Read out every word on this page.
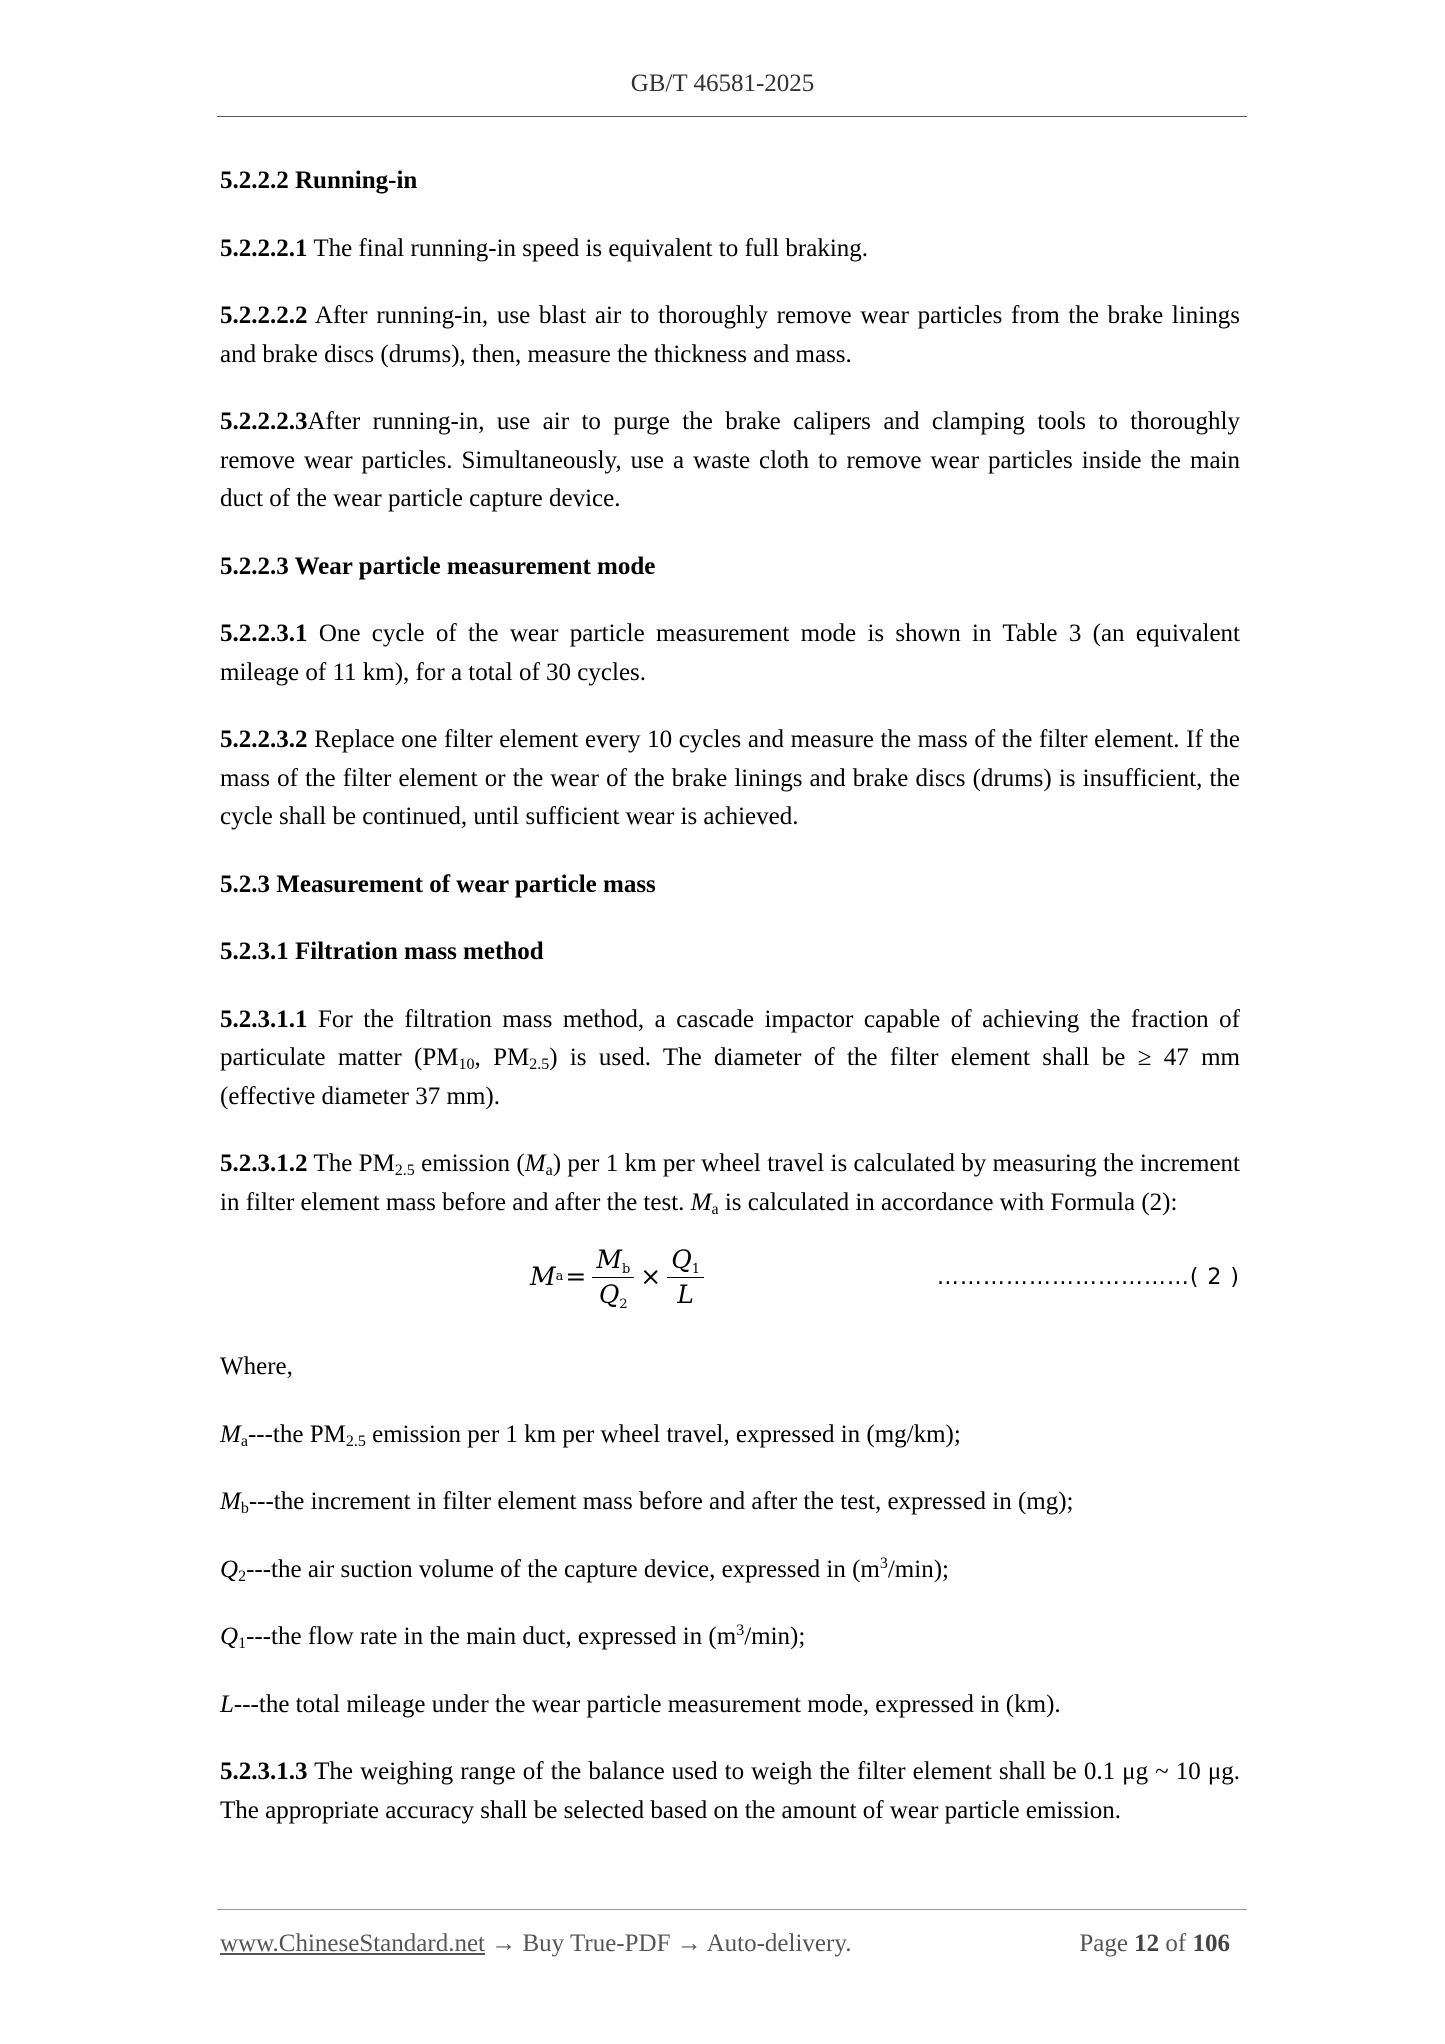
GB/T 46581-2025

5.2.2.2 Running-in

5.2.2.2.1 The final running-in speed is equivalent to full braking.

5.2.2.2.2 After running-in, use blast air to thoroughly remove wear particles from the brake linings and brake discs (drums), then, measure the thickness and mass.

5.2.2.2.3After running-in, use air to purge the brake calipers and clamping tools to thoroughly remove wear particles. Simultaneously, use a waste cloth to remove wear particles inside the main duct of the wear particle capture device.

5.2.2.3 Wear particle measurement mode

5.2.2.3.1 One cycle of the wear particle measurement mode is shown in Table 3 (an equivalent mileage of 11 km), for a total of 30 cycles.

5.2.2.3.2 Replace one filter element every 10 cycles and measure the mass of the filter element. If the mass of the filter element or the wear of the brake linings and brake discs (drums) is insufficient, the cycle shall be continued, until sufficient wear is achieved.

5.2.3 Measurement of wear particle mass

5.2.3.1 Filtration mass method

5.2.3.1.1 For the filtration mass method, a cascade impactor capable of achieving the fraction of particulate matter ($PM_{10}$, $PM_{2.5}$) is used. The diameter of the filter element shall be ≥ 47 mm (effective diameter 37 mm).

5.2.3.1.2 The $PM_{2.5}$ emission $(M_a)$ per 1 km per wheel travel is calculated by measuring the increment in filter element mass before and after the test. $M_a$ is calculated in accordance with Formula (2):

M $a = \frac{M_b}{Q_2} \times \frac{Q_1}{L}$	……………………………( 2 )

Where,

$M_a--$-the $PM_{2.5}$ emission per 1 km per wheel travel, expressed in (mg/km);

$M_b--$-the increment in filter element mass before and after the test, expressed in (mg);

$Q_2--$-the air suction volume of the capture device, expressed in $(m^3/\min)$;

$Q_1--$-the flow rate in the main duct, expressed in $(m^3/\min)$;

L---the total mileage under the wear particle measurement mode, expressed in (km).

5.2.3.1.3 The weighing range of the balance used to weigh the filter element shall be 0.1 μg ~ 10 μg. The appropriate accuracy shall be selected based on the amount of wear particle emission.

www.ChineseStandard.net → Buy True-PDF → Auto-delivery.	Page 12 of 106
